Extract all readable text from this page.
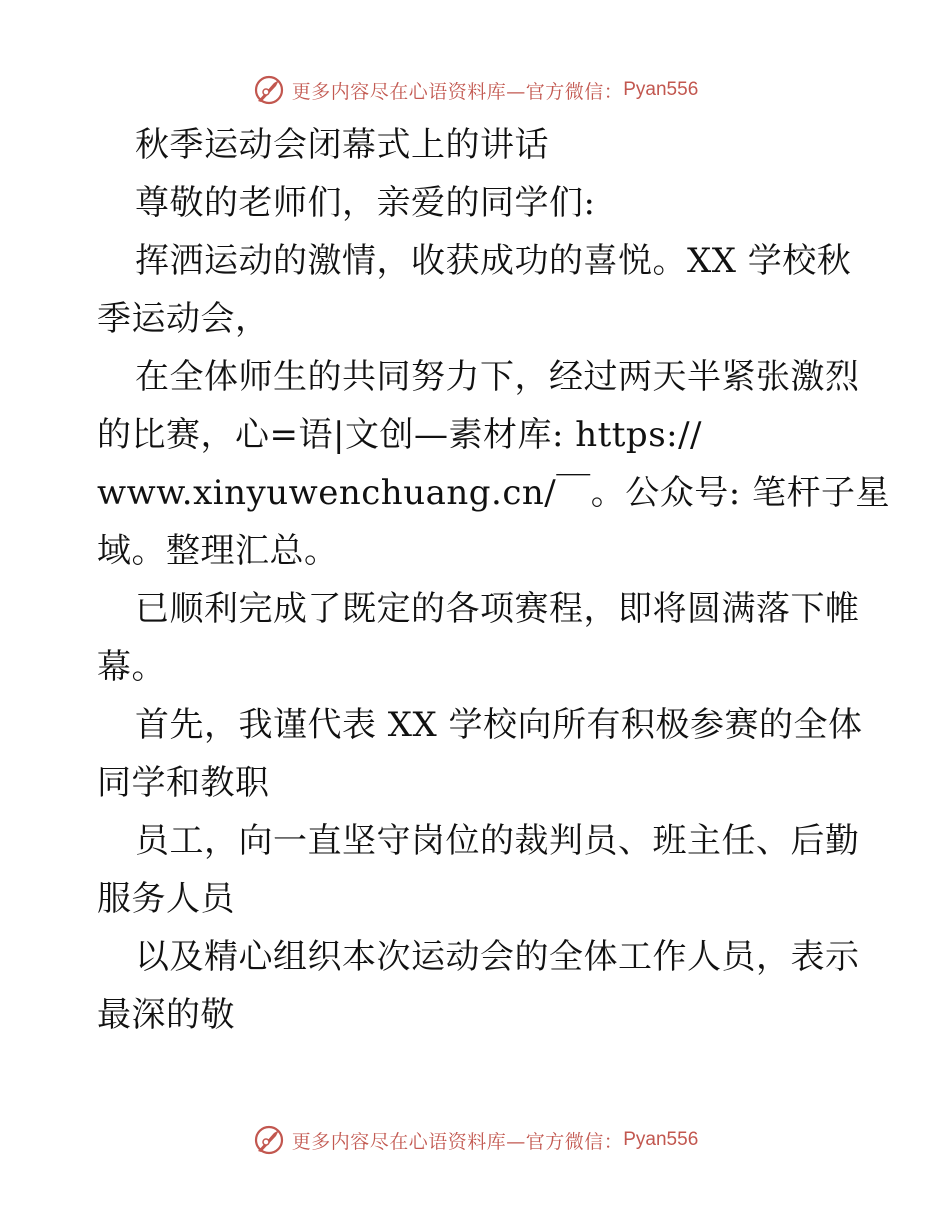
更多内容尽在心语资料库—官方微信： Pyan556
秋季运动会闭幕式上的讲话
尊敬的老师们，亲爱的同学们:
挥洒运动的激情，收获成功的喜悦。XX 学校秋
季运动会，
在全体师生的共同努力下，经过两天半紧张激烈
的比赛，心=语|文创—素材库: https://
www.xinyuwenchuang.cn/￣。公众号: 笔杆子星
域。整理汇总。
已顺利完成了既定的各项赛程，即将圆满落下帷
幕。
首先，我谨代表 XX 学校向所有积极参赛的全体
同学和教职
员工，向一直坚守岗位的裁判员、班主任、后勤
服务人员
以及精心组织本次运动会的全体工作人员，表示
最深的敬
更多内容尽在心语资料库—官方微信： Pyan556
